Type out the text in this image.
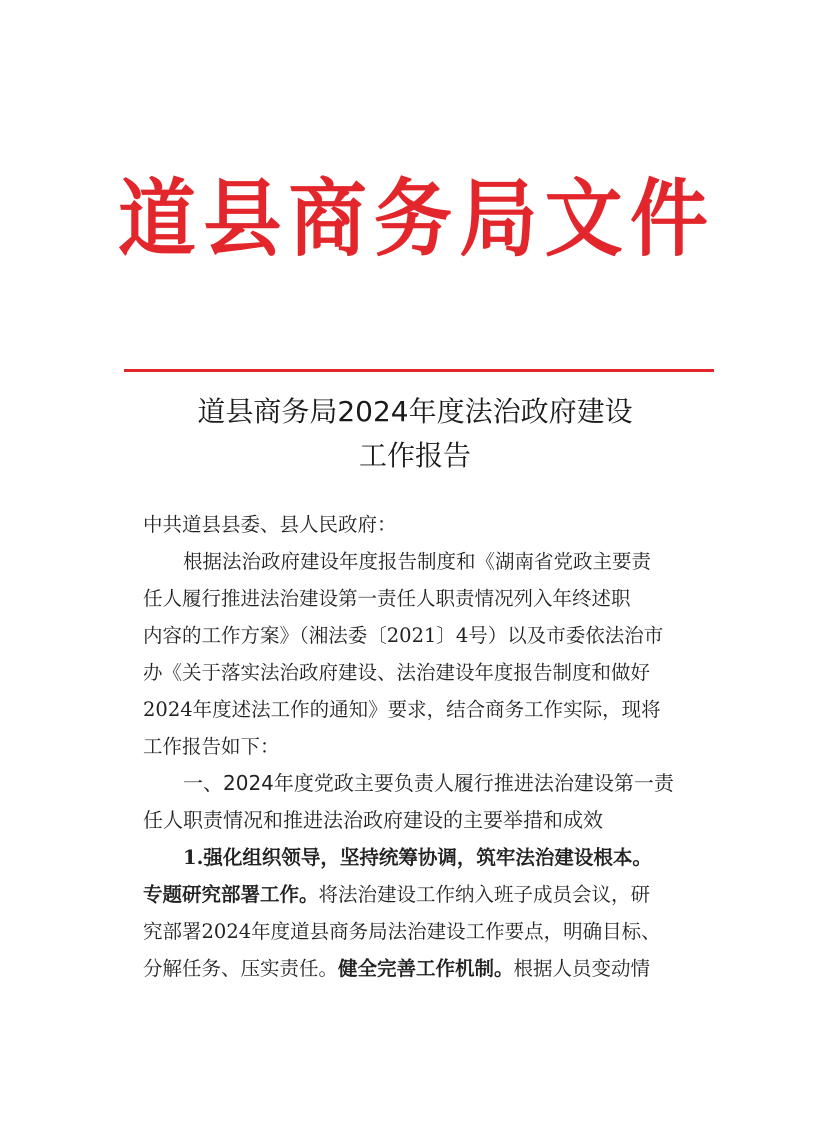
道 县 商 务 局 文 件
道县商务局2024年度法治政府建设
工作报告

中共道县县委、县人民政府：

根据法治政府建设年度报告制度和《湖南省党政主要责

任人履行推进法治建设第一责任人职责情况列入年终述职

内容的工作方案》（湘法委〔2021〕4号）以及市委依法治市

办《关于落实法治政府建设、法治建设年度报告制度和做好

2024年度述法工作的通知》要求，结合商务工作实际，现将

工作报告如下：

一、2024年度党政主要负责人履行推进法治建设第一责

任人职责情况和推进法治政府建设的主要举措和成效

1.强化组织领导，坚持统筹协调，筑牢法治建设根本。

专题研究部署工作。将法治建设工作纳入班子成员会议，研

究部署2024年度道县商务局法治建设工作要点，明确目标、

分解任务、压实责任。健全完善工作机制。根据人员变动情
